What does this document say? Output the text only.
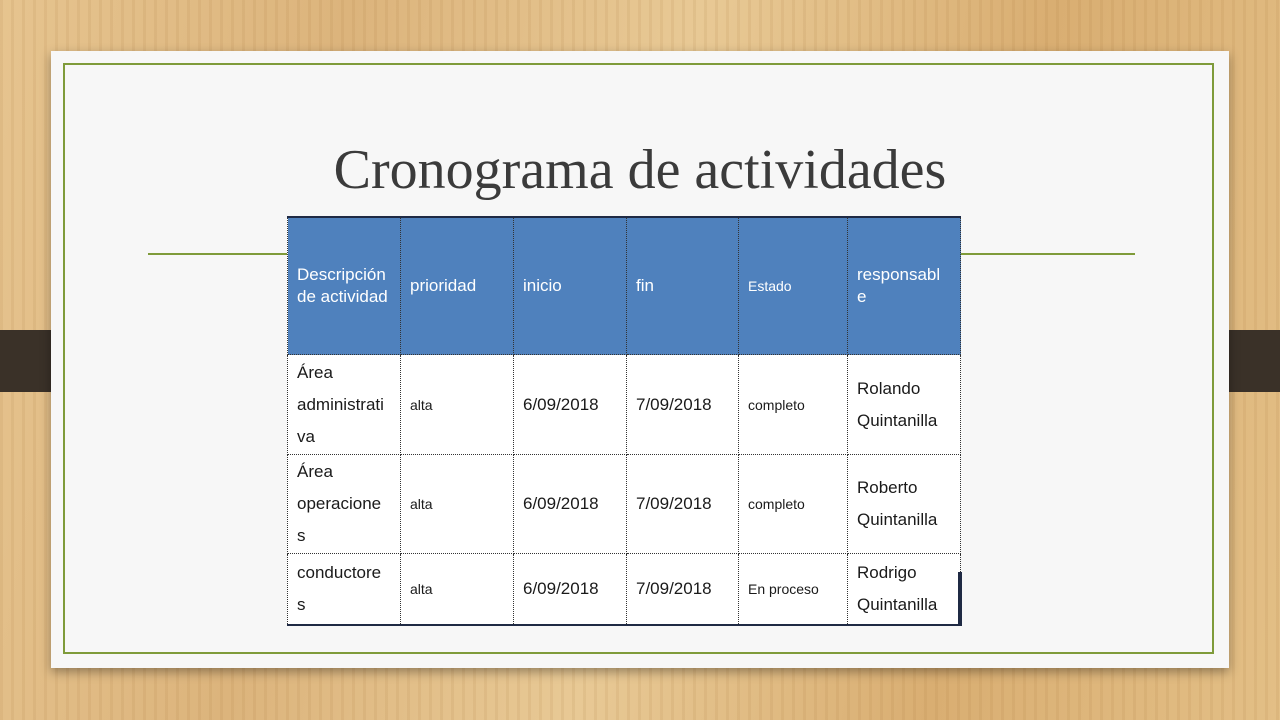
Cronograma de actividades
Descripción de actividad	prioridad	inicio	fin	Estado	responsabl e
Área administrati va	alta	6/09/2018	7/09/2018	completo	Rolando Quintanilla
Área operacione s	alta	6/09/2018	7/09/2018	completo	Roberto Quintanilla
conductore s	alta	6/09/2018	7/09/2018	En proceso	Rodrigo Quintanilla
